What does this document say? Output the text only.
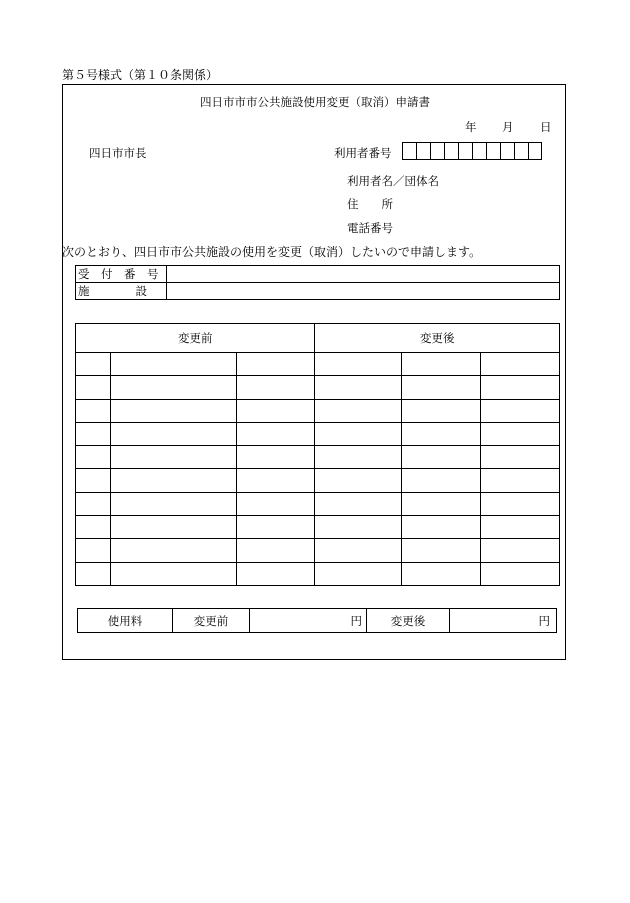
第５号様式（第１０条関係）
四日市市市公共施設使用変更（取消）申請書
年 月 日
四日市市長	利用者番号
利用者名／団体名
住　　所
電話番号
次のとおり、四日市市公共施設の使用を変更（取消）したいので申請します。
受　付　番　号	
施　　　　設	
変更前			変更後		

使用料	変更前	円	変更後	円
